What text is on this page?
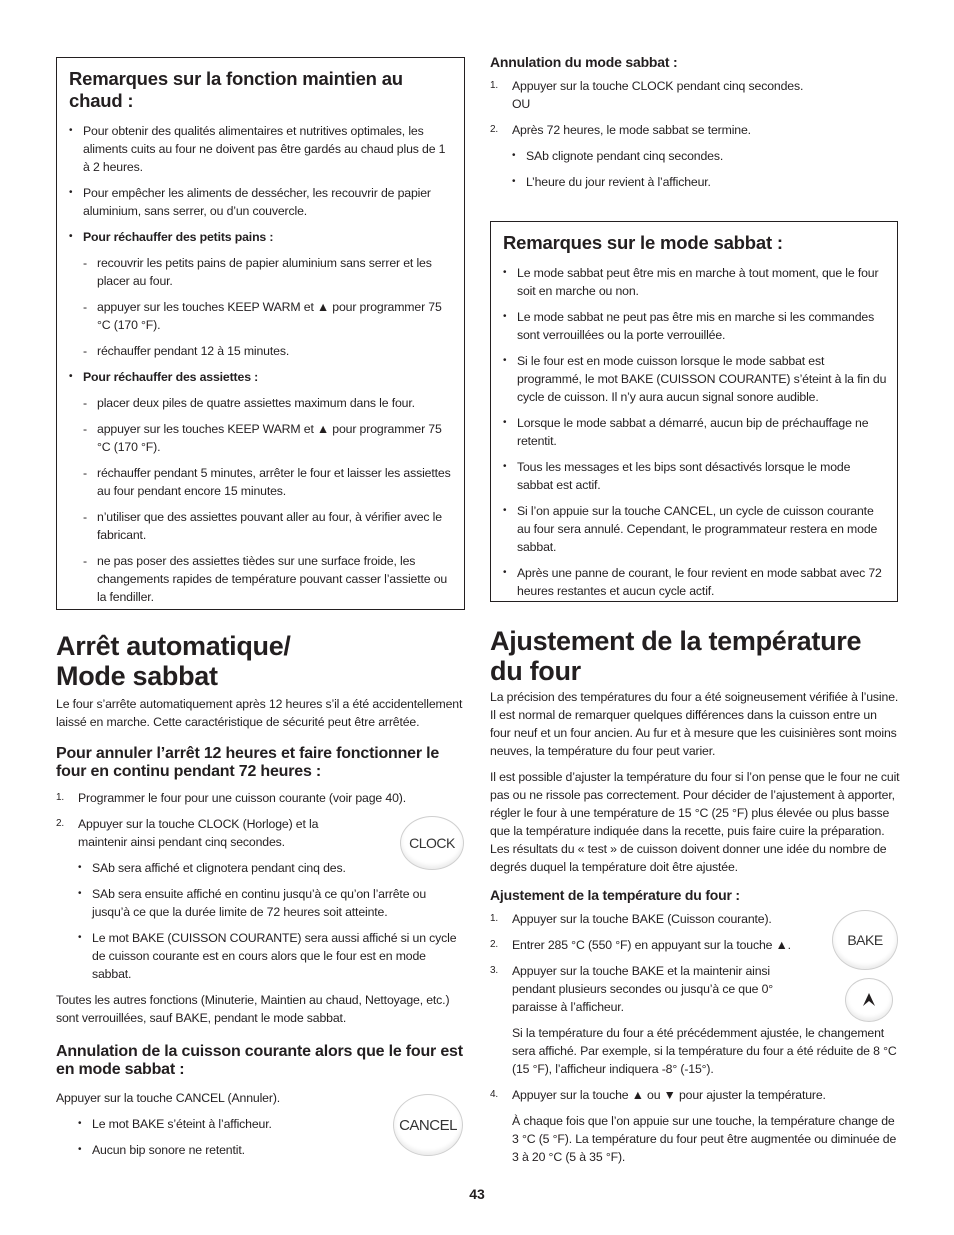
Remarques sur la fonction maintien au chaud :
• Pour obtenir des qualités alimentaires et nutritives optimales, les aliments cuits au four ne doivent pas être gardés au chaud plus de 1 à 2 heures.
• Pour empêcher les aliments de dessécher, les recouvrir de papier aluminium, sans serrer, ou d’un couvercle.
• Pour réchauffer des petits pains :
- recouvrir les petits pains de papier aluminium sans serrer et les placer au four.
- appuyer sur les touches KEEP WARM et ▲ pour programmer 75 °C (170 °F).
- réchauffer pendant 12 à 15 minutes.
• Pour réchauffer des assiettes :
- placer deux piles de quatre assiettes maximum dans le four.
- appuyer sur les touches KEEP WARM et ▲ pour programmer 75 °C (170 °F).
- réchauffer pendant 5 minutes, arrêter le four et laisser les assiettes au four pendant encore 15 minutes.
- n’utiliser que des assiettes pouvant aller au four, à vérifier avec le fabricant.
- ne pas poser des assiettes tièdes sur une surface froide, les changements rapides de température pouvant casser l’assiette ou la fendiller.
Arrêt automatique/
Mode sabbat

Le four s’arrête automatiquement après 12 heures s’il a été accidentellement laissé en marche. Cette caractéristique de sécurité peut être arrêtée.

Pour annuler l’arrêt 12 heures et faire fonctionner le four en continu pendant 72 heures :
1. Programmer le four pour une cuisson courante (voir page 40).
2. Appuyer sur la touche CLOCK (Horloge) et la maintenir ainsi pendant cinq secondes.
• SAb sera affiché et clignotera pendant cinq des.
• SAb sera ensuite affiché en continu jusqu’à ce qu’on l’arrête ou jusqu’à ce que la durée limite de 72 heures soit atteinte.
• Le mot BAKE (CUISSON COURANTE) sera aussi affiché si un cycle de cuisson courante est en cours alors que le four est en mode sabbat.

Toutes les autres fonctions (Minuterie, Maintien au chaud, Nettoyage, etc.) sont verrouillées, sauf BAKE, pendant le mode sabbat.

Annulation de la cuisson courante alors que le four est en mode sabbat :

Appuyer sur la touche CANCEL (Annuler).

• Le mot BAKE s’éteint à l’afficheur.
• Aucun bip sonore ne retentit.
CLOCK
CANCEL
BAKE
Annulation du mode sabbat :
1. Appuyer sur la touche CLOCK pendant cinq secondes.
OU
2. Après 72 heures, le mode sabbat se termine.
• SAb clignote pendant cinq secondes.
• L’heure du jour revient à l’afficheur.
Remarques sur le mode sabbat :
• Le mode sabbat peut être mis en marche à tout moment, que le four soit en marche ou non.
• Le mode sabbat ne peut pas être mis en marche si les commandes sont verrouillées ou la porte verrouillée.
• Si le four est en mode cuisson lorsque le mode sabbat est programmé, le mot BAKE (CUISSON COURANTE) s’éteint à la fin du cycle de cuisson. Il n’y aura aucun signal sonore audible.
• Lorsque le mode sabbat a démarré, aucun bip de préchauffage ne retentit.
• Tous les messages et les bips sont désactivés lorsque le mode sabbat est actif.
• Si l’on appuie sur la touche CANCEL, un cycle de cuisson courante au four sera annulé. Cependant, le programmateur restera en mode sabbat.
• Après une panne de courant, le four revient en mode sabbat avec 72 heures restantes et aucun cycle actif.
Ajustement de la température
du four

La précision des températures du four a été soigneusement vérifiée à l’usine. Il est normal de remarquer quelques différences dans la cuisson entre un four neuf et un four ancien. Au fur et à mesure que les cuisinières sont moins neuves, la température du four peut varier.

Il est possible d’ajuster la température du four si l’on pense que le four ne cuit pas ou ne rissole pas correctement. Pour décider de l’ajustement à apporter, régler le four à une température de 15 °C (25 °F) plus élevée ou plus basse que la température indiquée dans la recette, puis faire cuire la préparation. Les résultats du « test » de cuisson doivent donner une idée du nombre de degrés duquel la température doit être ajustée.

Ajustement de la température du four :
1. Appuyer sur la touche BAKE (Cuisson courante).
2. Entrer 285 °C (550 °F) en appuyant sur la touche ▲.
3. Appuyer sur la touche BAKE et la maintenir ainsi pendant plusieurs secondes ou jusqu’à ce que 0° paraisse à l’afficheur.
Si la température du four a été précédemment ajustée, le changement sera affiché. Par exemple, si la température du four a été réduite de 8 °C (15 °F), l’afficheur indiquera -8° (-15°).
4. Appuyer sur la touche ▲ ou ▼ pour ajuster la température.
À chaque fois que l’on appuie sur une touche, la température change de 3 °C (5 °F). La température du four peut être augmentée ou diminuée de 3 à 20 °C (5 à 35 °F).
43
